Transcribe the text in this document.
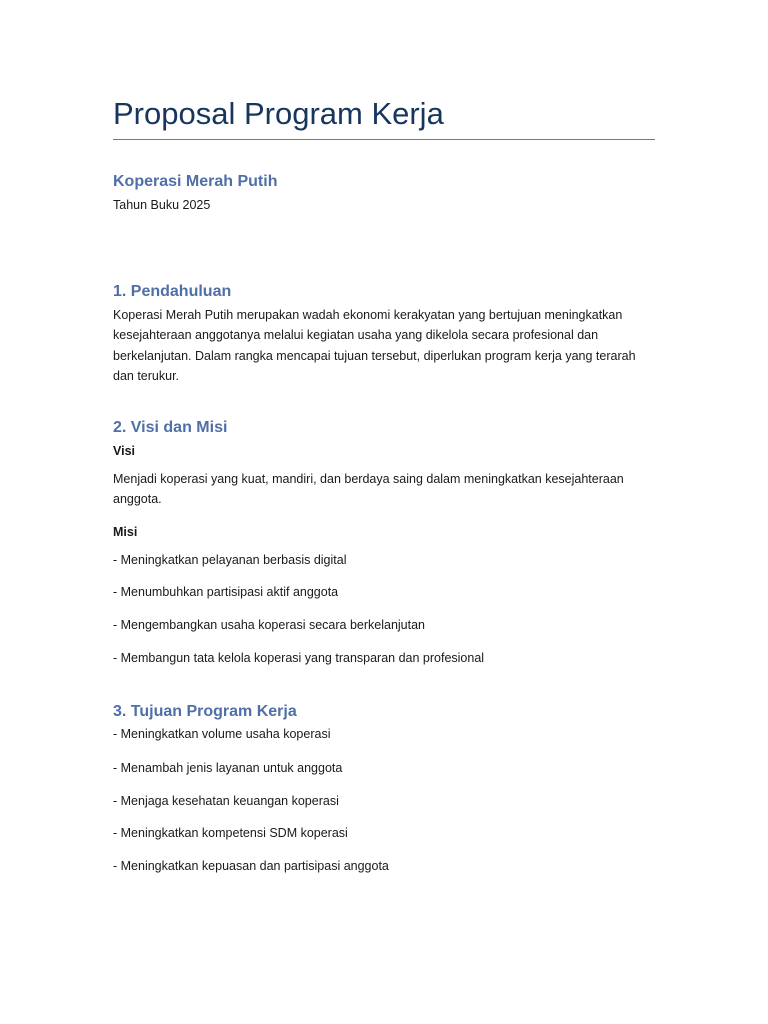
Proposal Program Kerja
Koperasi Merah Putih

Tahun Buku 2025

1. Pendahuluan

Koperasi Merah Putih merupakan wadah ekonomi kerakyatan yang bertujuan meningkatkan kesejahteraan anggotanya melalui kegiatan usaha yang dikelola secara profesional dan berkelanjutan. Dalam rangka mencapai tujuan tersebut, diperlukan program kerja yang terarah dan terukur.

2. Visi dan Misi

Visi

Menjadi koperasi yang kuat, mandiri, dan berdaya saing dalam meningkatkan kesejahteraan anggota.

Misi

- Meningkatkan pelayanan berbasis digital

- Menumbuhkan partisipasi aktif anggota

- Mengembangkan usaha koperasi secara berkelanjutan

- Membangun tata kelola koperasi yang transparan dan profesional

3. Tujuan Program Kerja

- Meningkatkan volume usaha koperasi

- Menambah jenis layanan untuk anggota

- Menjaga kesehatan keuangan koperasi

- Meningkatkan kompetensi SDM koperasi

- Meningkatkan kepuasan dan partisipasi anggota
